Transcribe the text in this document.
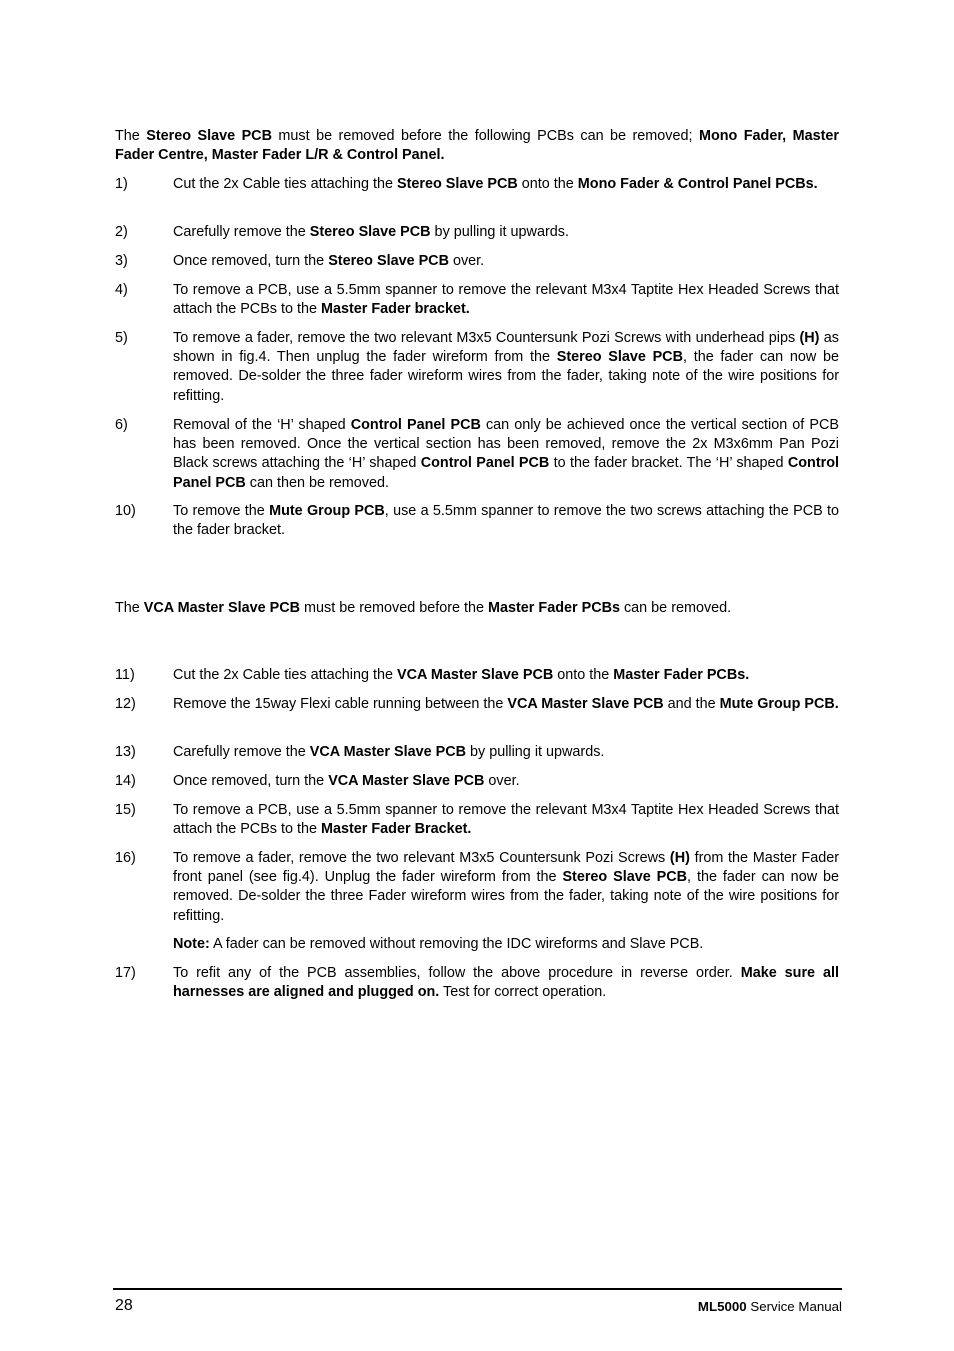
The Stereo Slave PCB must be removed before the following PCBs can be removed; Mono Fader, Master Fader Centre, Master Fader L/R & Control Panel.

1)	Cut the 2x Cable ties attaching the Stereo Slave PCB onto the Mono Fader & Control Panel PCBs.
2)	Carefully remove the Stereo Slave PCB by pulling it upwards.
3)	Once removed, turn the Stereo Slave PCB over.
4)	To remove a PCB, use a 5.5mm spanner to remove the relevant M3x4 Taptite Hex Headed Screws that attach the PCBs to the Master Fader bracket.
5)	To remove a fader, remove the two relevant M3x5 Countersunk Pozi Screws with underhead pips (H) as shown in fig.4. Then unplug the fader wireform from the Stereo Slave PCB, the fader can now be removed. De-solder the three fader wireform wires from the fader, taking note of the wire positions for refitting.
6)	Removal of the ‘H’ shaped Control Panel PCB can only be achieved once the vertical section of PCB has been removed. Once the vertical section has been removed, remove the 2x M3x6mm Pan Pozi Black screws attaching the ‘H’ shaped Control Panel PCB to the fader bracket. The ‘H’ shaped Control Panel PCB can then be removed.
10)	To remove the Mute Group PCB, use a 5.5mm spanner to remove the two screws attaching the PCB to the fader bracket.

The VCA Master Slave PCB must be removed before the Master Fader PCBs can be removed.

11)	Cut the 2x Cable ties attaching the VCA Master Slave PCB onto the Master Fader PCBs.
12)	Remove the 15way Flexi cable running between the VCA Master Slave PCB and the Mute Group PCB.
13)	Carefully remove the VCA Master Slave PCB by pulling it upwards.
14)	Once removed, turn the VCA Master Slave PCB over.
15)	To remove a PCB, use a 5.5mm spanner to remove the relevant M3x4 Taptite Hex Headed Screws that attach the PCBs to the Master Fader Bracket.
16)	To remove a fader, remove the two relevant M3x5 Countersunk Pozi Screws (H) from the Master Fader front panel (see fig.4). Unplug the fader wireform from the Stereo Slave PCB, the fader can now be removed. De-solder the three Fader wireform wires from the fader, taking note of the wire positions for refitting.
Note: A fader can be removed without removing the IDC wireforms and Slave PCB.
17)	To refit any of the PCB assemblies, follow the above procedure in reverse order. Make sure all harnesses are aligned and plugged on. Test for correct operation.
28	ML5000 Service Manual
